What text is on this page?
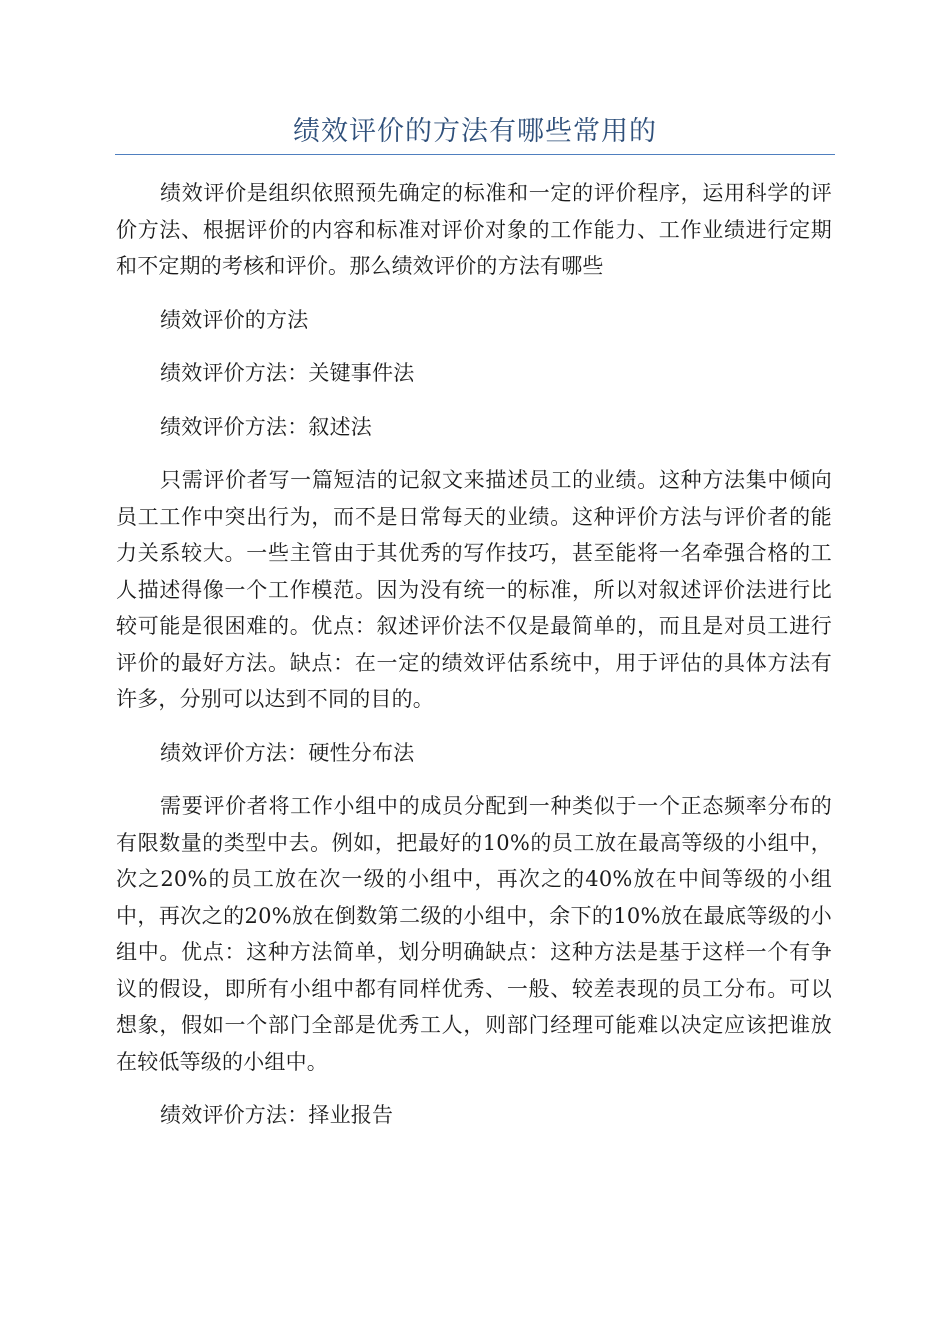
绩效评价的方法有哪些常用的

绩效评价是组织依照预先确定的标准和一定的评价程序，运用科学的评价方法、根据评价的内容和标准对评价对象的工作能力、工作业绩进行定期和不定期的考核和评价。那么绩效评价的方法有哪些

绩效评价的方法

绩效评价方法：关键事件法

绩效评价方法：叙述法

只需评价者写一篇短洁的记叙文来描述员工的业绩。这种方法集中倾向员工工作中突出行为，而不是日常每天的业绩。这种评价方法与评价者的能力关系较大。一些主管由于其优秀的写作技巧，甚至能将一名牵强合格的工人描述得像一个工作模范。因为没有统一的标准，所以对叙述评价法进行比较可能是很困难的。优点：叙述评价法不仅是最简单的，而且是对员工进行评价的最好方法。缺点：在一定的绩效评估系统中，用于评估的具体方法有许多，分别可以达到不同的目的。

绩效评价方法：硬性分布法

需要评价者将工作小组中的成员分配到一种类似于一个正态频率分布的有限数量的类型中去。例如，把最好的10%的员工放在最高等级的小组中，次之20%的员工放在次一级的小组中，再次之的40%放在中间等级的小组中，再次之的20%放在倒数第二级的小组中，余下的10%放在最底等级的小组中。优点：这种方法简单，划分明确缺点：这种方法是基于这样一个有争议的假设，即所有小组中都有同样优秀、一般、较差表现的员工分布。可以想象，假如一个部门全部是优秀工人，则部门经理可能难以决定应该把谁放在较低等级的小组中。

绩效评价方法：择业报告
